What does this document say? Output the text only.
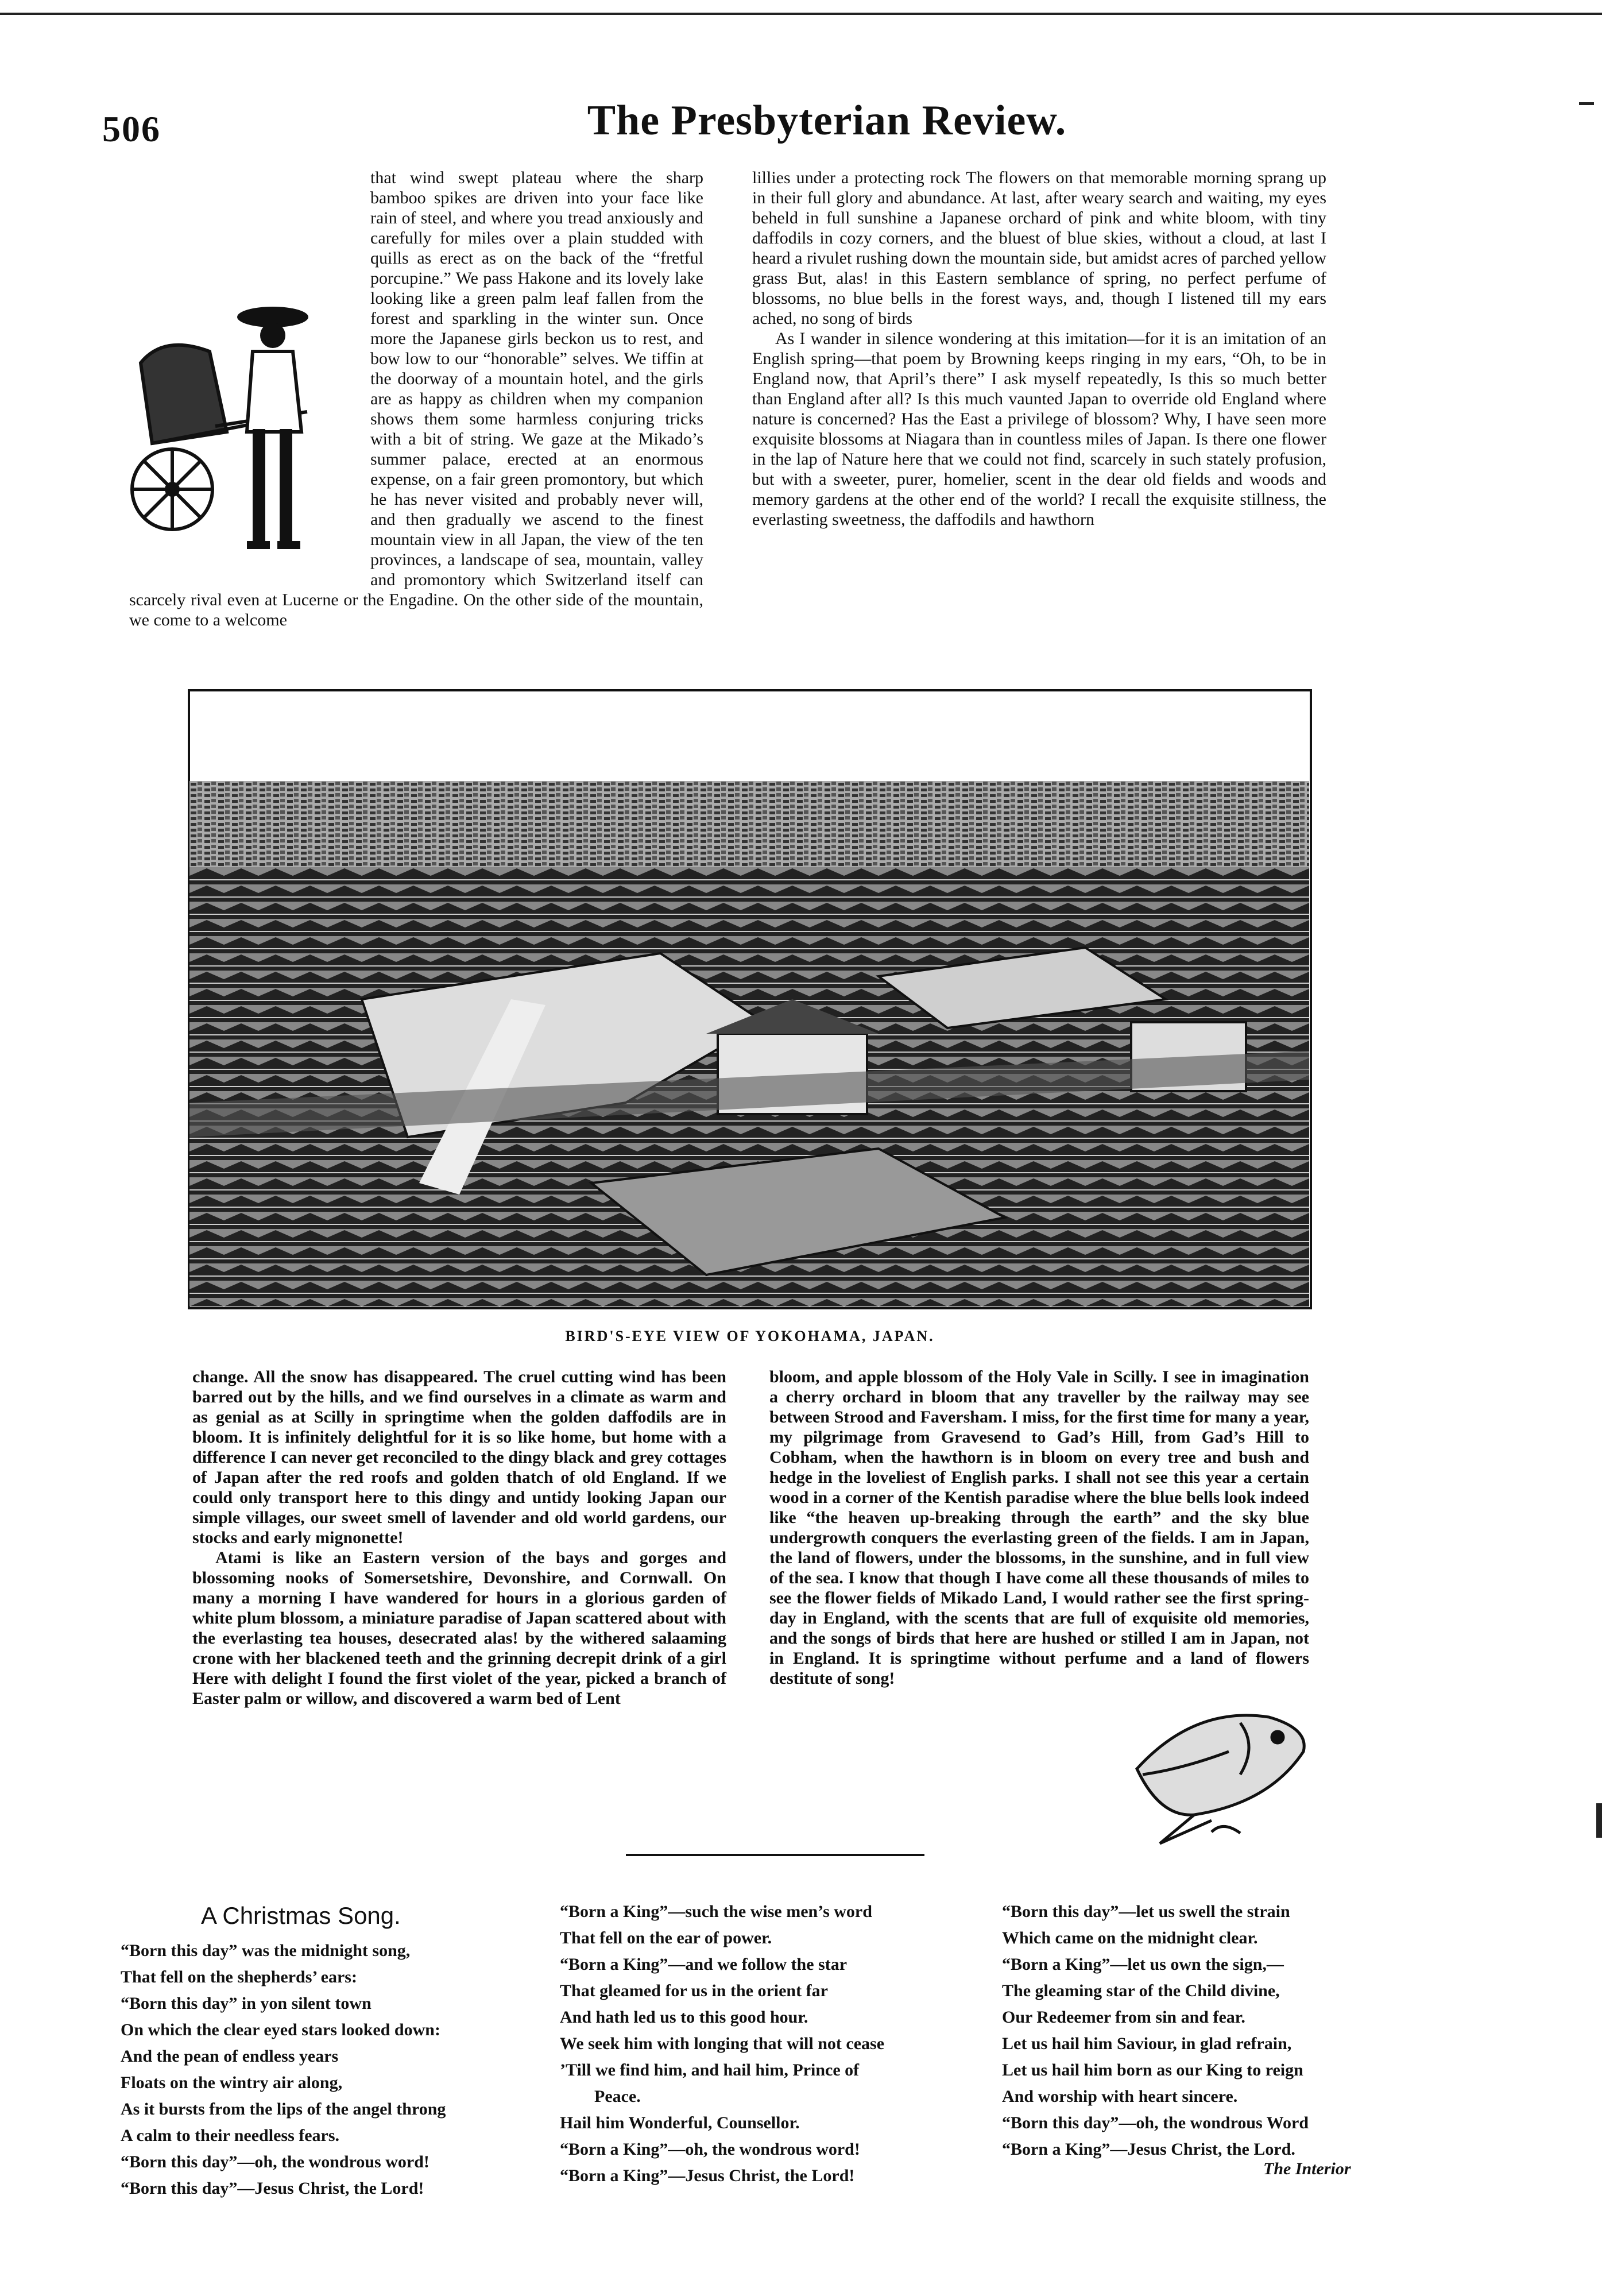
506	The Presbyterian Review.

that wind swept plateau where the sharp bamboo spikes are driven into your face like rain of steel, and where you tread anxiously and carefully for miles over a plain studded with quills as erect as on the back of the “fretful porcupine.” We pass Hakone and its lovely lake looking like a green palm leaf fallen from the forest and sparkling in the winter sun. Once more the Japanese girls beckon us to rest, and bow low to our “honorable” selves. We tiffin at the doorway of a mountain hotel, and the girls are as happy as children when my companion shows them some harmless conjuring tricks with a bit of string. We gaze at the Mikado’s summer palace, erected at an enormous expense, on a fair green promontory, but which he has never visited and probably never will, and then gradually we ascend to the finest mountain view in all Japan, the view of the ten provinces, a landscape of sea, mountain, valley and promontory which Switzerland itself can scarcely rival even at Lucerne or the Engadine. On the other side of the mountain, we come to a welcome

lillies under a protecting rock The flowers on that memorable morning sprang up in their full glory and abundance. At last, after weary search and waiting, my eyes beheld in full sunshine a Japanese orchard of pink and white bloom, with tiny daffodils in cozy corners, and the bluest of blue skies, without a cloud, at last I heard a rivulet rushing down the mountain side, but amidst acres of parched yellow grass But, alas! in this Eastern semblance of spring, no perfect perfume of blossoms, no blue bells in the forest ways, and, though I listened till my ears ached, no song of birds

As I wander in silence wondering at this imitation—for it is an imitation of an English spring—that poem by Browning keeps ringing in my ears, “Oh, to be in England now, that April’s there” I ask myself repeatedly, Is this so much better than England after all? Is this much vaunted Japan to override old England where nature is concerned? Has the East a privilege of blossom? Why, I have seen more exquisite blossoms at Niagara than in countless miles of Japan. Is there one flower in the lap of Nature here that we could not find, scarcely in such stately profusion, but with a sweeter, purer, homelier, scent in the dear old fields and woods and memory gardens at the other end of the world? I recall the exquisite stillness, the everlasting sweetness, the daffodils and hawthorn

BIRD'S-EYE VIEW OF YOKOHAMA, JAPAN.

change. All the snow has disappeared. The cruel cutting wind has been barred out by the hills, and we find ourselves in a climate as warm and as genial as at Scilly in springtime when the golden daffodils are in bloom. It is infinitely delightful for it is so like home, but home with a difference I can never get reconciled to the dingy black and grey cottages of Japan after the red roofs and golden thatch of old England. If we could only transport here to this dingy and untidy looking Japan our simple villages, our sweet smell of lavender and old world gardens, our stocks and early mignonette!

Atami is like an Eastern version of the bays and gorges and blossoming nooks of Somersetshire, Devonshire, and Cornwall. On many a morning I have wandered for hours in a glorious garden of white plum blossom, a miniature paradise of Japan scattered about with the everlasting tea houses, desecrated alas! by the withered salaaming crone with her blackened teeth and the grinning decrepit drink of a girl Here with delight I found the first violet of the year, picked a branch of Easter palm or willow, and discovered a warm bed of Lent

bloom, and apple blossom of the Holy Vale in Scilly. I see in imagination a cherry orchard in bloom that any traveller by the railway may see between Strood and Faversham. I miss, for the first time for many a year, my pilgrimage from Gravesend to Gad’s Hill, from Gad’s Hill to Cobham, when the hawthorn is in bloom on every tree and bush and hedge in the loveliest of English parks. I shall not see this year a certain wood in a corner of the Kentish paradise where the blue bells look indeed like “the heaven up-breaking through the earth” and the sky blue undergrowth conquers the everlasting green of the fields. I am in Japan, the land of flowers, under the blossoms, in the sunshine, and in full view of the sea. I know that though I have come all these thousands of miles to see the flower fields of Mikado Land, I would rather see the first spring-day in England, with the scents that are full of exquisite old memories, and the songs of birds that here are hushed or stilled I am in Japan, not in England. It is springtime without perfume and a land of flowers destitute of song!

A Christmas Song.
“Born this day” was the midnight song,
That fell on the shepherds’ ears:
“Born this day” in yon silent town
On which the clear eyed stars looked down:
And the pean of endless years
Floats on the wintry air along,
As it bursts from the lips of the angel throng
A calm to their needless fears.
“Born this day”—oh, the wondrous word!
“Born this day”—Jesus Christ, the Lord!
“Born a King”—such the wise men’s word
That fell on the ear of power.
“Born a King”—and we follow the star
That gleamed for us in the orient far
And hath led us to this good hour.
We seek him with longing that will not cease
’Till we find him, and hail him, Prince of
Peace.
Hail him Wonderful, Counsellor.
“Born a King”—oh, the wondrous word!
“Born a King”—Jesus Christ, the Lord!
“Born this day”—let us swell the strain
Which came on the midnight clear.
“Born a King”—let us own the sign,—
The gleaming star of the Child divine,
Our Redeemer from sin and fear.
Let us hail him Saviour, in glad refrain,
Let us hail him born as our King to reign
And worship with heart sincere.
“Born this day”—oh, the wondrous Word
“Born a King”—Jesus Christ, the Lord.
The Interior
